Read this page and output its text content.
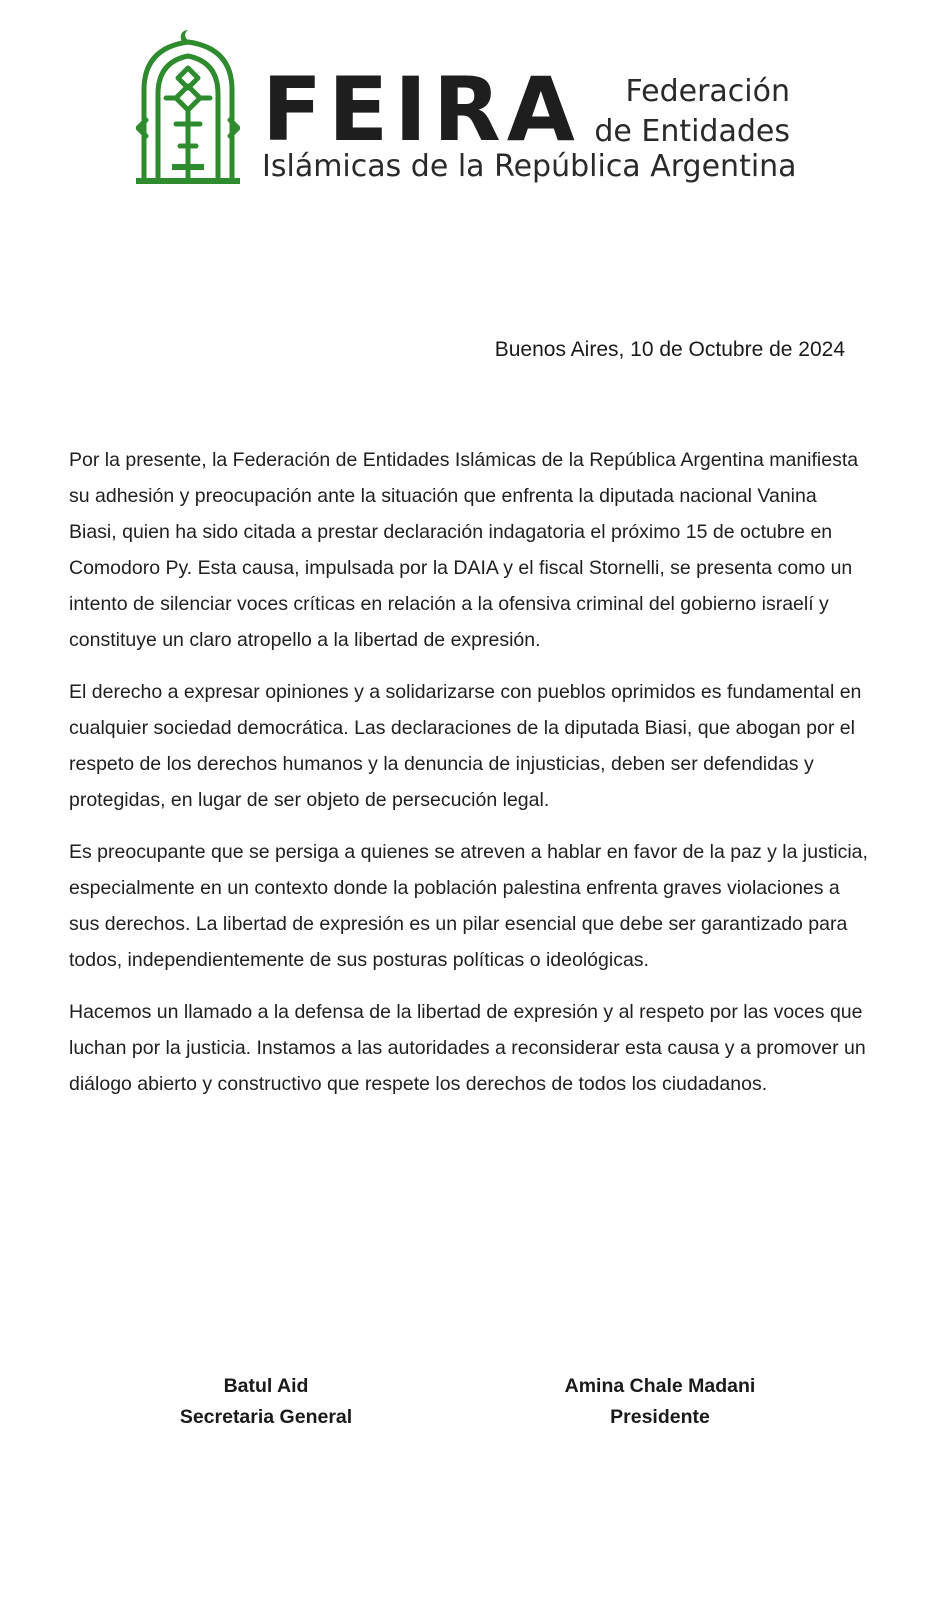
FEIRA	Federación
de Entidades
Islámicas de la República Argentina
Buenos Aires, 10 de Octubre de 2024

Por la presente, la Federación de Entidades Islámicas de la República Argentina manifiesta su adhesión y preocupación ante la situación que enfrenta la diputada nacional Vanina Biasi, quien ha sido citada a prestar declaración indagatoria el próximo 15 de octubre en Comodoro Py. Esta causa, impulsada por la DAIA y el fiscal Stornelli, se presenta como un intento de silenciar voces críticas en relación a la ofensiva criminal del gobierno israelí y constituye un claro atropello a la libertad de expresión.

El derecho a expresar opiniones y a solidarizarse con pueblos oprimidos es fundamental en cualquier sociedad democrática. Las declaraciones de la diputada Biasi, que abogan por el respeto de los derechos humanos y la denuncia de injusticias, deben ser defendidas y protegidas, en lugar de ser objeto de persecución legal.

Es preocupante que se persiga a quienes se atreven a hablar en favor de la paz y la justicia, especialmente en un contexto donde la población palestina enfrenta graves violaciones a sus derechos. La libertad de expresión es un pilar esencial que debe ser garantizado para todos, independientemente de sus posturas políticas o ideológicas.

Hacemos un llamado a la defensa de la libertad de expresión y al respeto por las voces que luchan por la justicia. Instamos a las autoridades a reconsiderar esta causa y a promover un diálogo abierto y constructivo que respete los derechos de todos los ciudadanos.

Batul Aid
Secretaria General
Amina Chale Madani
Presidente
